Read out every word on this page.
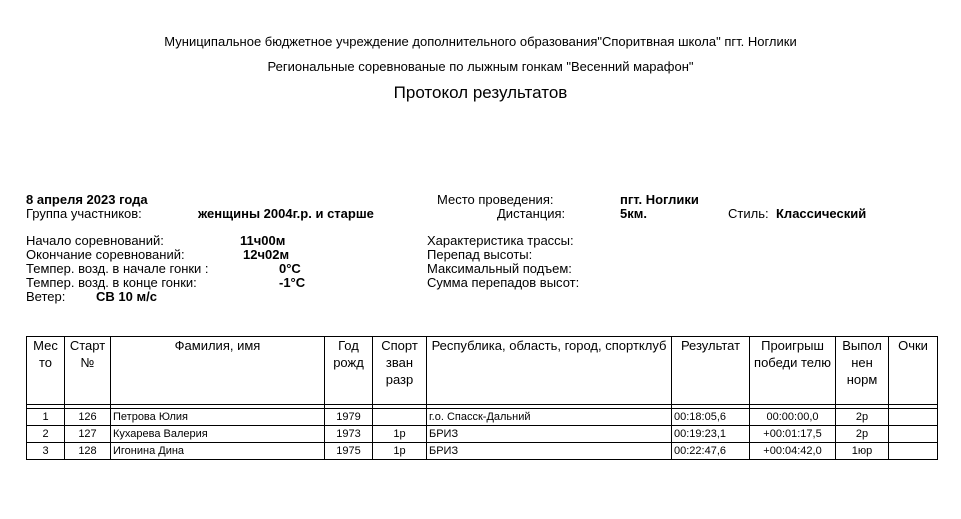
Муниципальное бюджетное учреждение дополнительного образования"Споритвная школа" пгт. Ноглики
Региональные соревнованые по лыжным гонкам "Весенний марафон"
Протокол результатов
8 апреля 2023 года
Группа участников:	женщины 2004г.р. и старше
Начало соревнований:	11ч00м
Окончание соревнований:	12ч02м
Темпер. возд. в начале гонки :	0°С
Темпер. возд. в конце гонки:	-1°С
Ветер: СВ 10 м/с
Место проведения:	пгт. Ноглики
Дистанция:	5км.	Стиль: Классический
Характеристика трассы:
Перепад высоты:
Максимальный подъем:
Сумма перепадов высот:
Мес то	Старт №	Фамилия, имя	Год рожд	Спорт зван разр	Республика, область, город, спортклуб	Результат	Проигрыш победи телю	Выпол нен норм	Очки

1	126	Петрова Юлия	1979		г.о. Спасск-Дальний	00:18:05,6	00:00:00,0	2р	
2	127	Кухарева Валерия	1973	1р	БРИЗ	00:19:23,1	+00:01:17,5	2р	
3	128	Игонина Дина	1975	1р	БРИЗ	00:22:47,6	+00:04:42,0	1юр	
